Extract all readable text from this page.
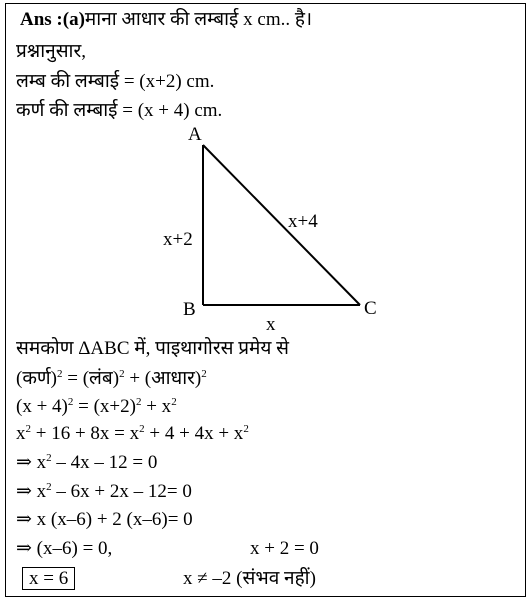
Ans :(a)माना आधार की लम्बाई x cm.. है।
प्रश्नानुसार,
लम्ब की लम्बाई = (x+2) cm.
कर्ण की लम्बाई = (x + 4) cm.
A
B	C
x+2
x+4
x
समकोण ΔABC में, पाइथागोरस प्रमेय से
(कर्ण)$^2$ = (लंब)$^2$ + (आधार)$^2$
$(x + 4)^2 = (x+2)^2 + x^2$
$x^2 + 16 + 8x = x^2 + 4 + 4x + x^2$
⇒ $x^2 - 4x - 12 = 0$
⇒ $x^2 - 6x + 2x - 12= 0$
⇒ x (x–6) + 2 (x–6)= 0
⇒ (x–6) = 0,	x + 2 = 0
x = 6	x ≠ –2 (संभव नहीं)
